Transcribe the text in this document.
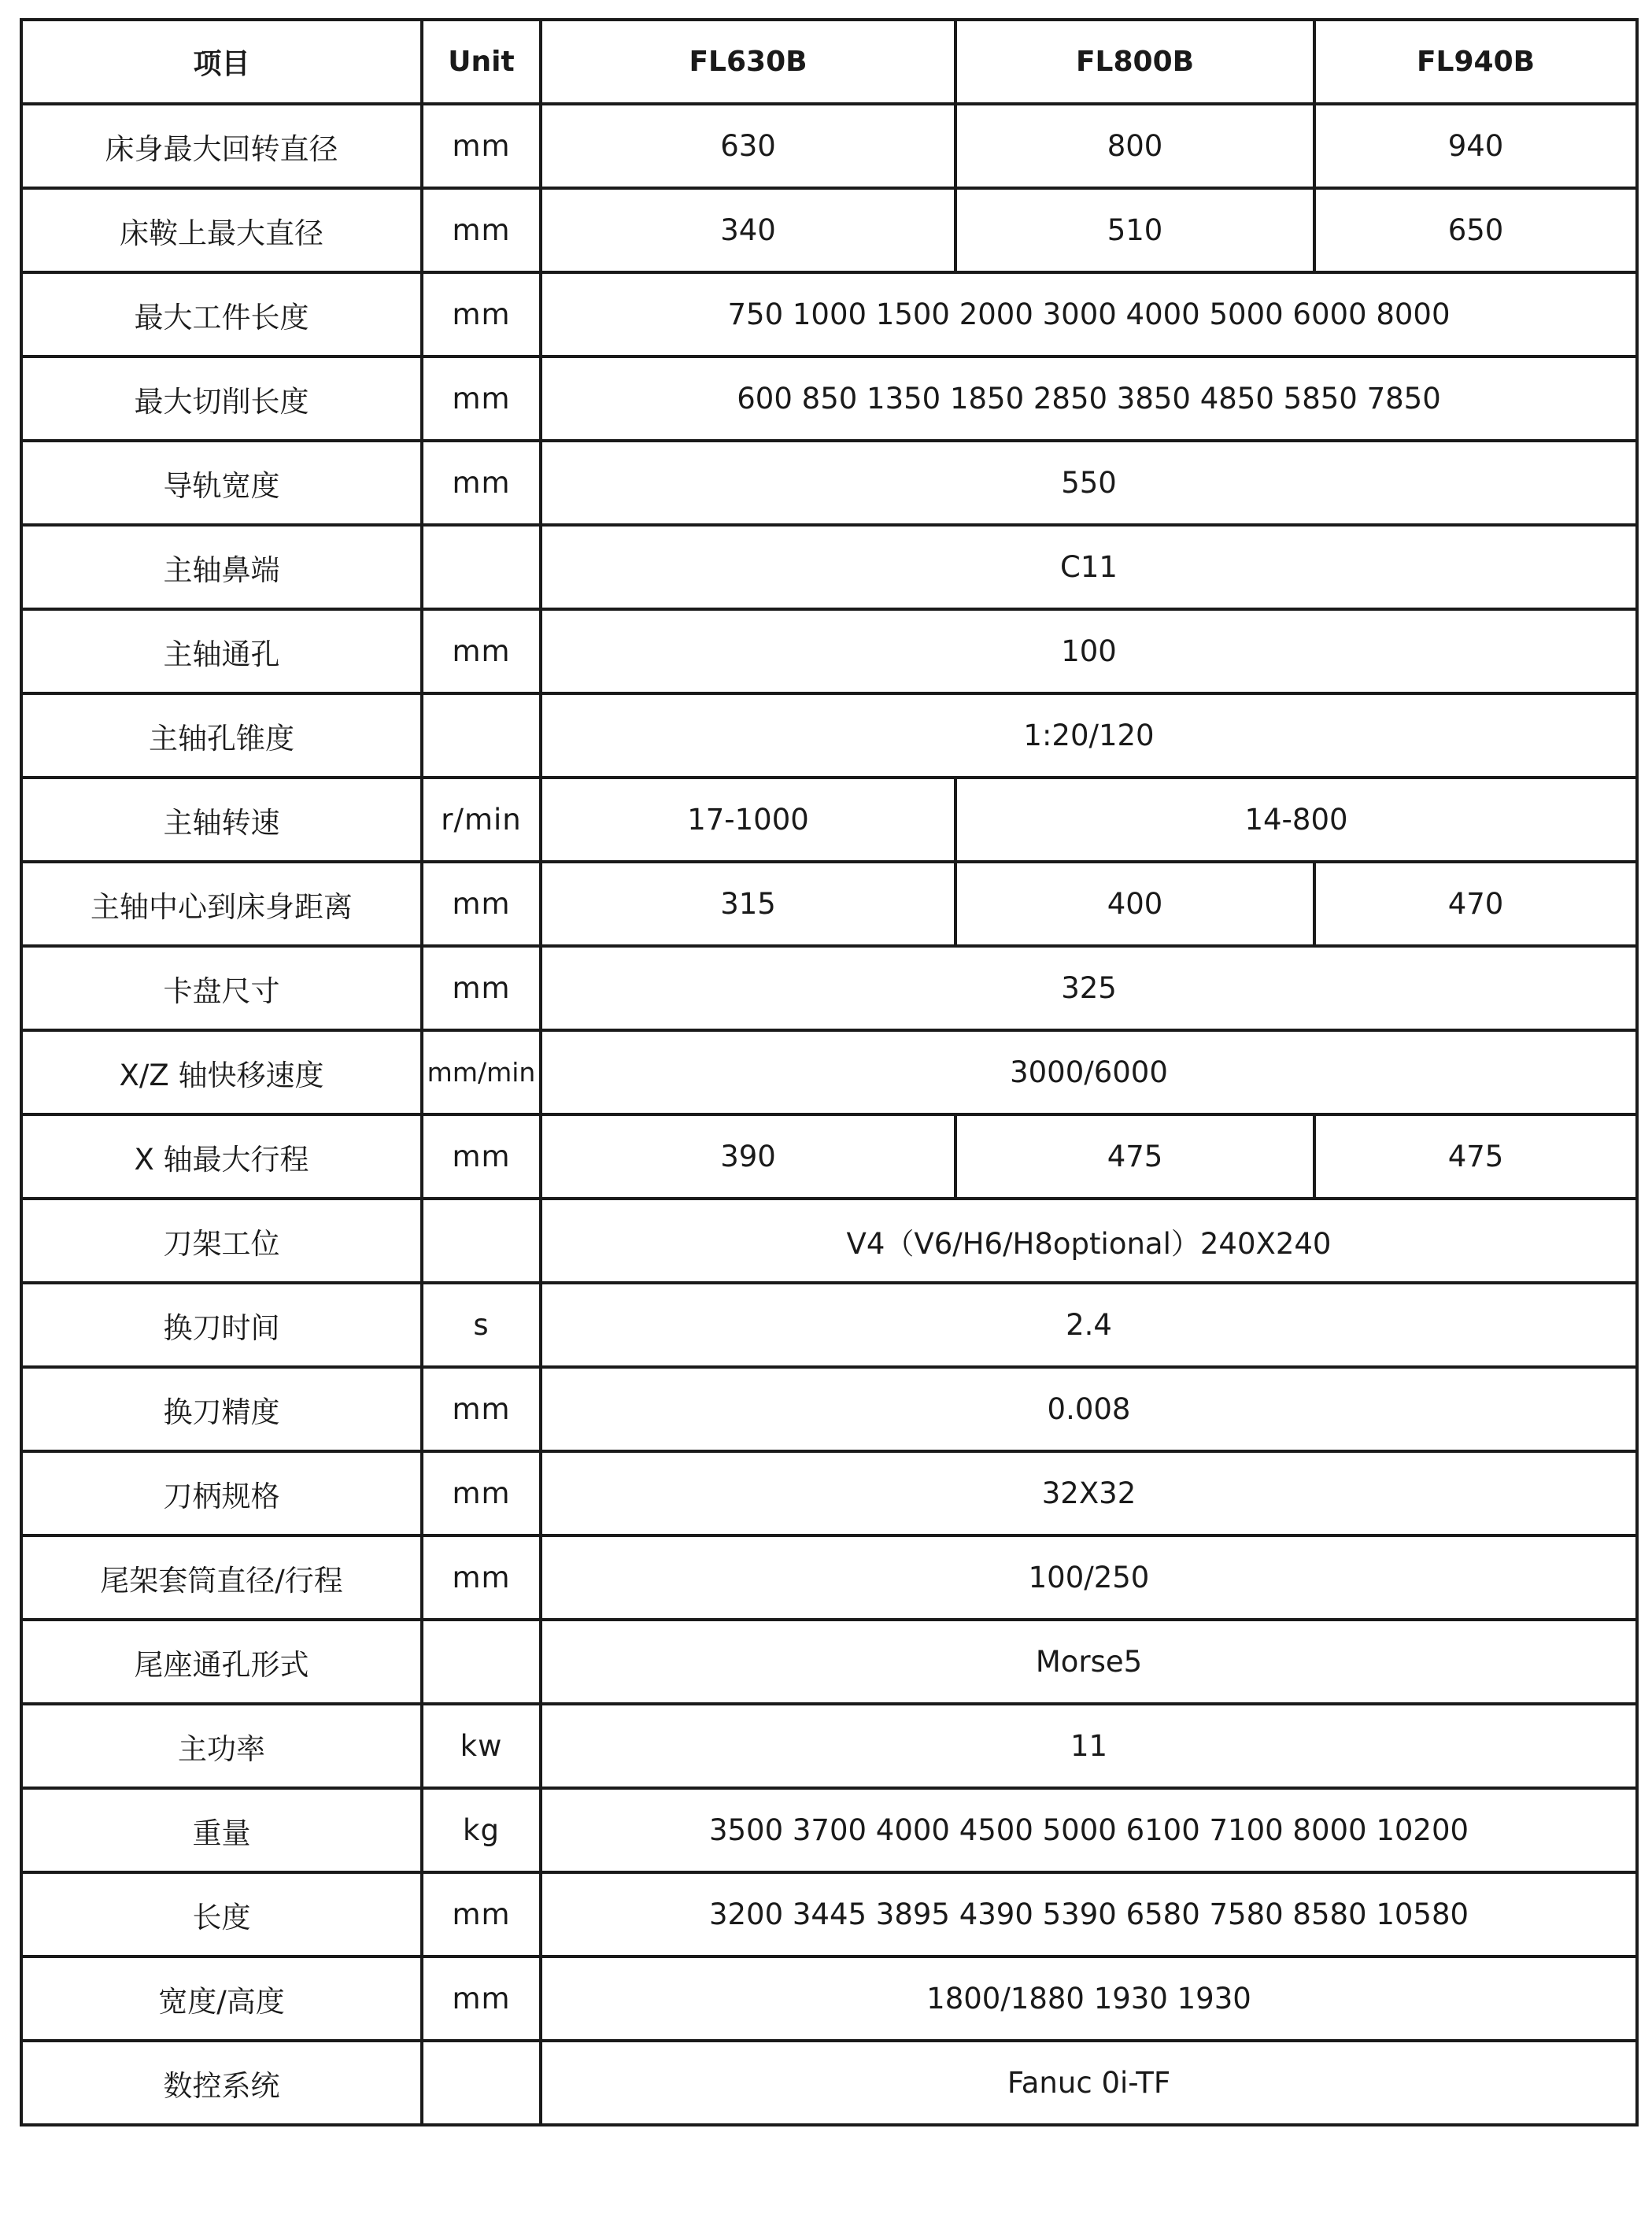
项目	Unit	FL630B	FL800B	FL940B
床身最大回转直径	mm	630	800	940
床鞍上最大直径	mm	340	510	650
最大工件长度	mm	750 1000 1500 2000 3000 4000 5000 6000 8000		
最大切削长度	mm	600 850 1350 1850 2850 3850 4850 5850 7850		
导轨宽度	mm	550		
主轴鼻端		C11		
主轴通孔	mm	100		
主轴孔锥度		1:20/120		
主轴转速	r/min	17-1000	14-800	
主轴中心到床身距离	mm	315	400	470
卡盘尺寸	mm	325		
X/Z 轴快移速度	mm/min	3000/6000		
X 轴最大行程	mm	390	475	475
刀架工位		V4（V6/H6/H8optional）240X240		
换刀时间	s	2.4		
换刀精度	mm	0.008		
刀柄规格	mm	32X32		
尾架套筒直径/行程	mm	100/250		
尾座通孔形式		Morse5		
主功率	kw	11		
重量	kg	3500 3700 4000 4500 5000 6100 7100 8000 10200		
长度	mm	3200 3445 3895 4390 5390 6580 7580 8580 10580		
宽度/高度	mm	1800/1880 1930 1930		
数控系统		Fanuc 0i-TF		
